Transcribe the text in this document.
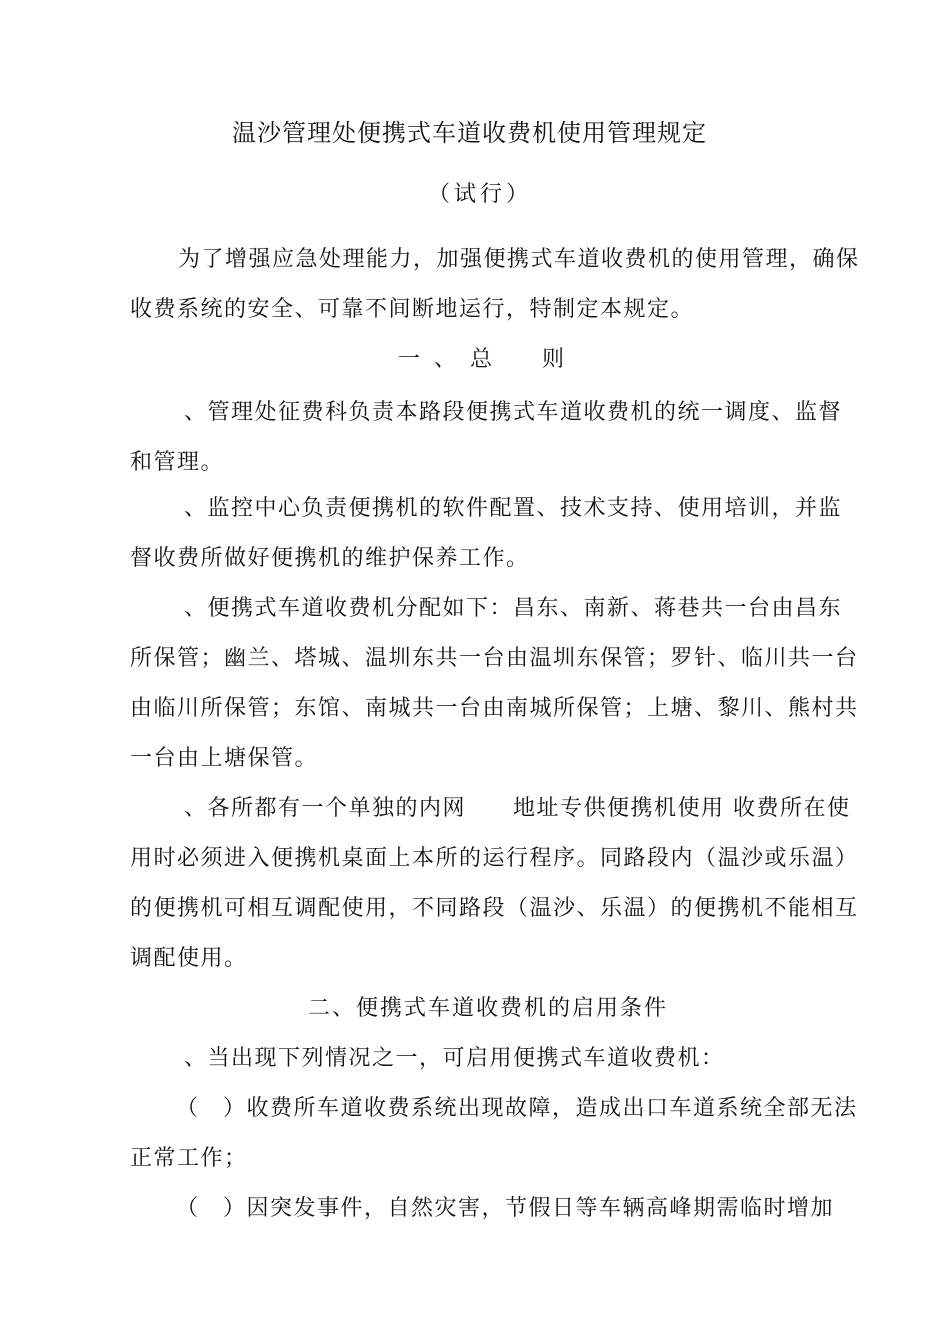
温沙管理处便携式车道收费机使用管理规定
（试行）
为了增强应急处理能力，加强便携式车道收费机的使用管理，确保
收费系统的安全、可靠不间断地运行，特制定本规定。
一、总　则
、管理处征费科负责本路段便携式车道收费机的统一调度、监督
和管理。
、监控中心负责便携机的软件配置、技术支持、使用培训，并监
督收费所做好便携机的维护保养工作。
、便携式车道收费机分配如下：昌东、南新、蒋巷共一台由昌东
所保管；幽兰、塔城、温圳东共一台由温圳东保管；罗针、临川共一台
由临川所保管；东馆、南城共一台由南城所保管；上塘、黎川、熊村共
一台由上塘保管。
、各所都有一个单独的内网　　地址专供便携机使用 收费所在使
用时必须进入便携机桌面上本所的运行程序。同路段内（温沙或乐温）
的便携机可相互调配使用，不同路段（温沙、乐温）的便携机不能相互
调配使用。
二、便携式车道收费机的启用条件
、当出现下列情况之一，可启用便携式车道收费机：
（　）收费所车道收费系统出现故障，造成出口车道系统全部无法
正常工作；
（　）因突发事件，自然灾害，节假日等车辆高峰期需临时增加
